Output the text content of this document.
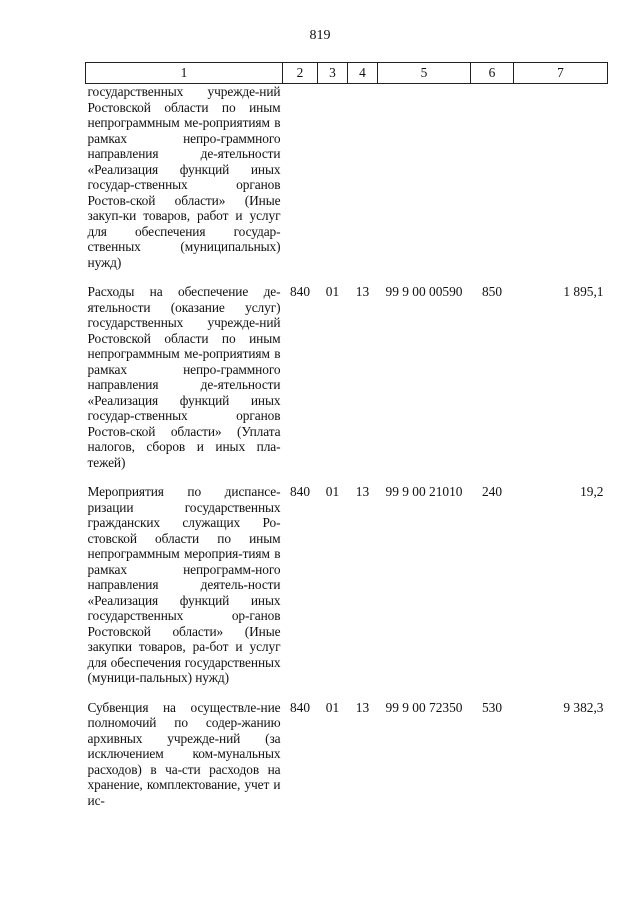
819
1	2	3	4	5	6	7
государственных учрежде-ний Ростовской области по иным непрограммным ме-роприятиям в рамках непро-граммного направления де-ятельности «Реализация функций иных государ-ственных органов Ростов-ской области» (Иные закуп-ки товаров, работ и услуг для обеспечения государ-ственных (муниципальных) нужд)						
Расходы на обеспечение де-ятельности (оказание услуг) государственных учрежде-ний Ростовской области по иным непрограммным ме-роприятиям в рамках непро-граммного направления де-ятельности «Реализация функций иных государ-ственных органов Ростов-ской области» (Уплата налогов, сборов и иных пла-тежей)	840	01	13	99 9 00 00590	850	1 895,1
Мероприятия по диспансе-ризации государственных гражданских служащих Ро-стовской области по иным непрограммным мероприя-тиям в рамках непрограмм-ного направления деятель-ности «Реализация функций иных государственных ор-ганов Ростовской области» (Иные закупки товаров, ра-бот и услуг для обеспечения государственных (муници-пальных) нужд)	840	01	13	99 9 00 21010	240	19,2
Субвенция на осуществле-ние полномочий по содер-жанию архивных учрежде-ний (за исключением ком-мунальных расходов) в ча-сти расходов на хранение, комплектование, учет и ис-	840	01	13	99 9 00 72350	530	9 382,3
